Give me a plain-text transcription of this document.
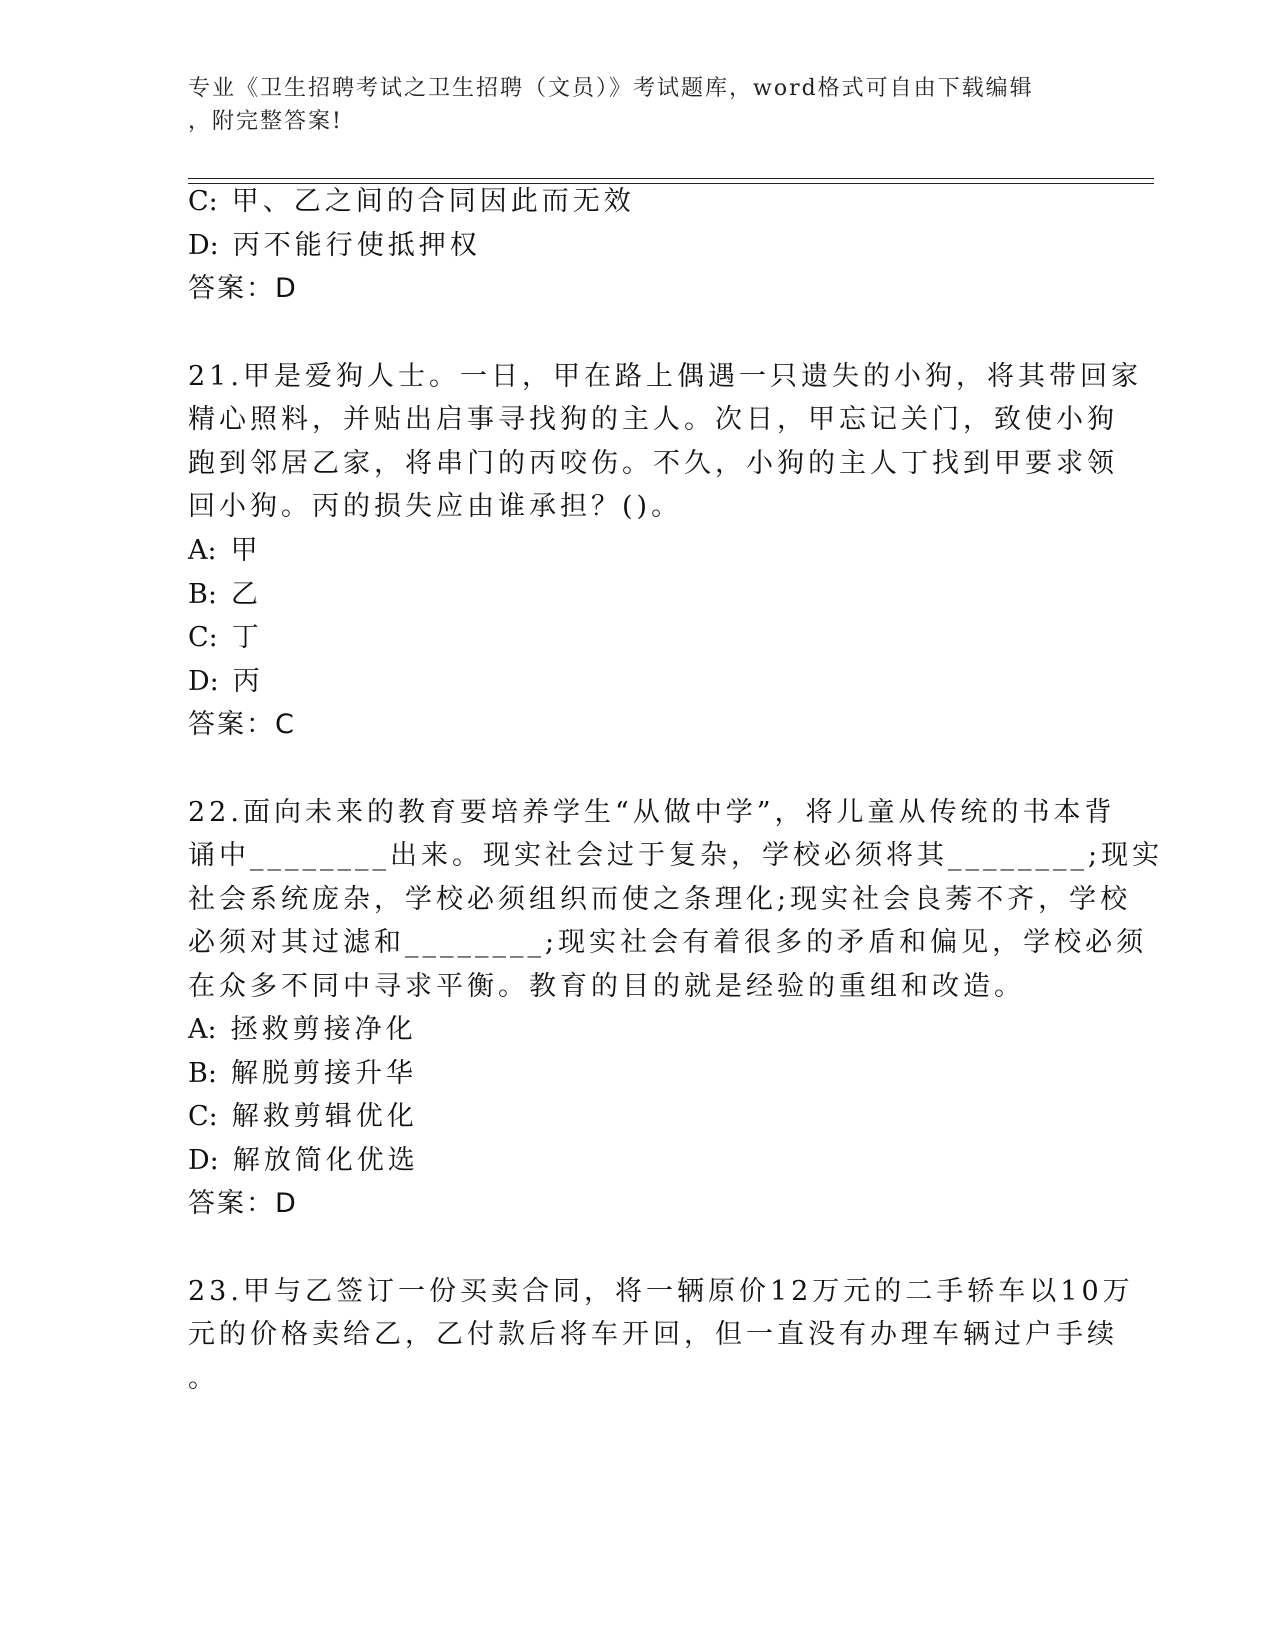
专业《卫生招聘考试之卫生招聘（文员）》考试题库，word格式可自由下载编辑
，附完整答案!
C: 甲、乙之间的合同因此而无效
D: 丙不能行使抵押权
答案：D
21.甲是爱狗人士。一日，甲在路上偶遇一只遗失的小狗，将其带回家
精心照料，并贴出启事寻找狗的主人。次日，甲忘记关门，致使小狗
跑到邻居乙家，将串门的丙咬伤。不久，小狗的主人丁找到甲要求领
回小狗。丙的损失应由谁承担？()。
A: 甲
B: 乙
C: 丁
D: 丙
答案：C
22.面向未来的教育要培养学生“从做中学”，将儿童从传统的书本背
诵中________出来。现实社会过于复杂，学校必须将其________;现实
社会系统庞杂，学校必须组织而使之条理化;现实社会良莠不齐，学校
必须对其过滤和________;现实社会有着很多的矛盾和偏见，学校必须
在众多不同中寻求平衡。教育的目的就是经验的重组和改造。
A: 拯救剪接净化
B: 解脱剪接升华
C: 解救剪辑优化
D: 解放简化优选
答案：D
23.甲与乙签订一份买卖合同，将一辆原价12万元的二手轿车以10万
元的价格卖给乙，乙付款后将车开回，但一直没有办理车辆过户手续
。
